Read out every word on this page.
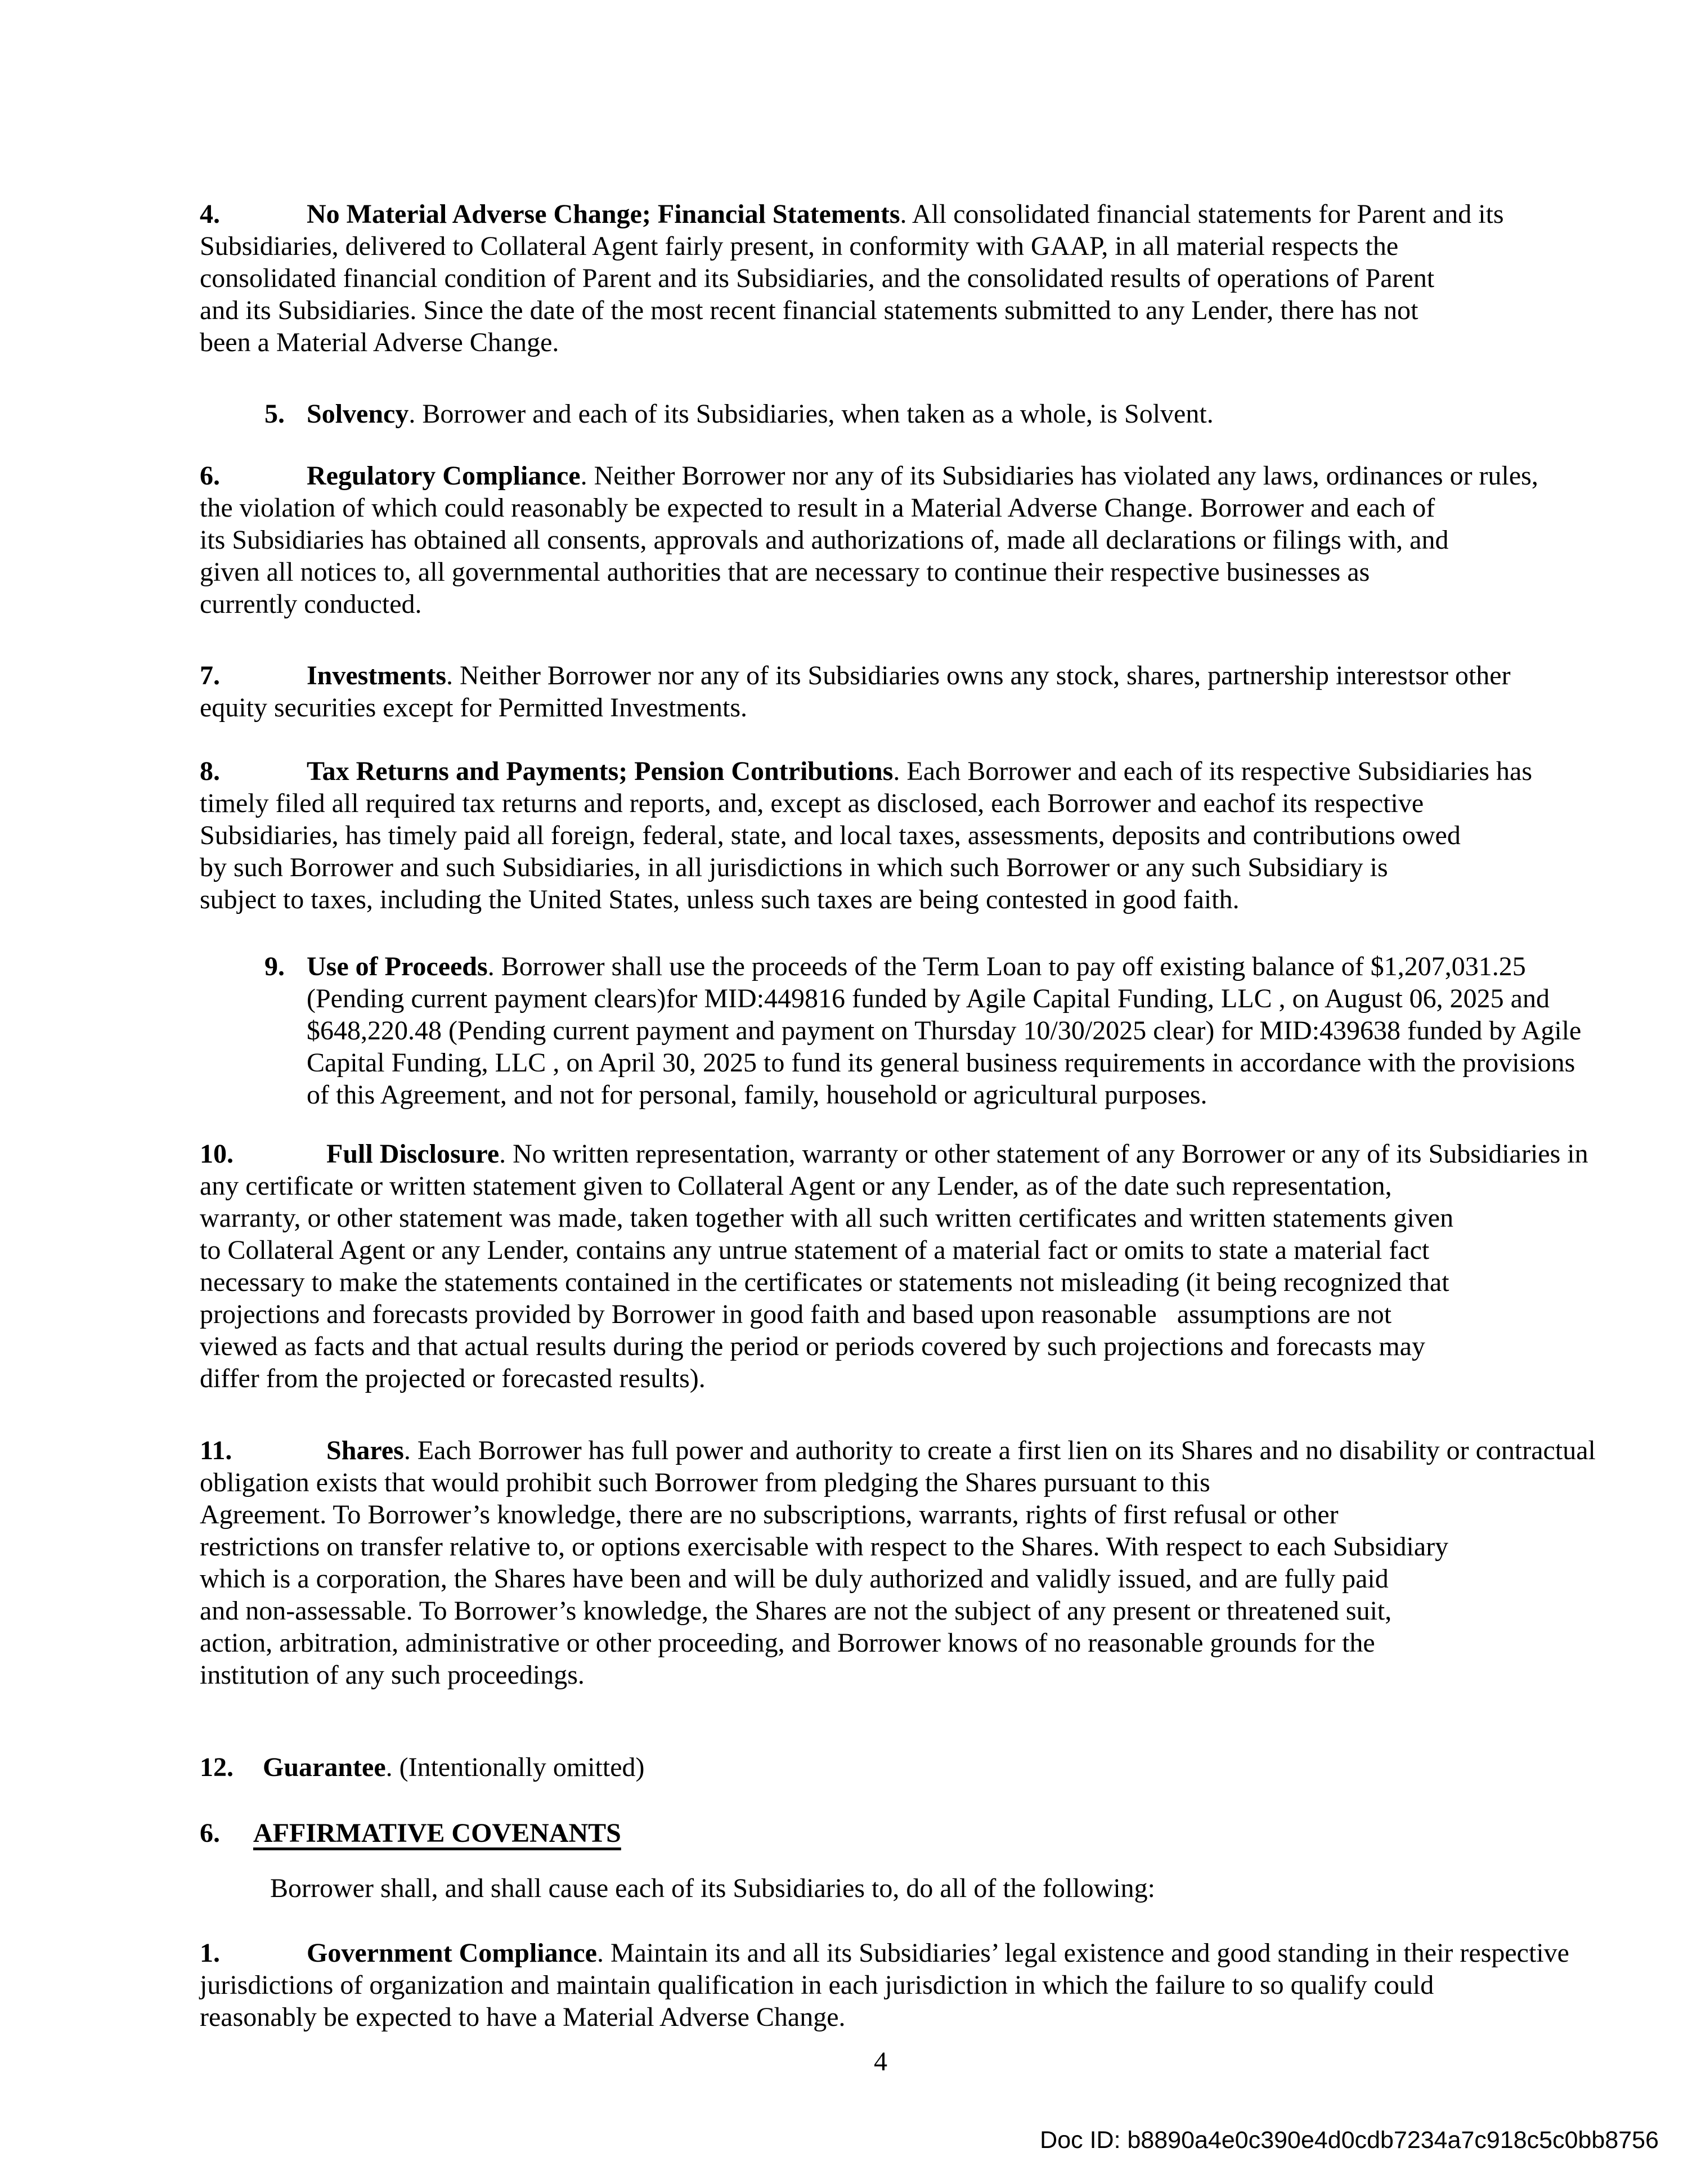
4.	No Material Adverse Change; Financial Statements. All consolidated financial statements for Parent and its
Subsidiaries, delivered to Collateral Agent fairly present, in conformity with GAAP, in all material respects the
consolidated financial condition of Parent and its Subsidiaries, and the consolidated results of operations of Parent
and its Subsidiaries. Since the date of the most recent financial statements submitted to any Lender, there has not
been a Material Adverse Change.
5. Solvency. Borrower and each of its Subsidiaries, when taken as a whole, is Solvent.
6.	Regulatory Compliance. Neither Borrower nor any of its Subsidiaries has violated any laws, ordinances or rules,
the violation of which could reasonably be expected to result in a Material Adverse Change. Borrower and each of
its Subsidiaries has obtained all consents, approvals and authorizations of, made all declarations or filings with, and
given all notices to, all governmental authorities that are necessary to continue their respective businesses as
currently conducted.
7.	Investments. Neither Borrower nor any of its Subsidiaries owns any stock, shares, partnership interestsor other
equity securities except for Permitted Investments.
8.	Tax Returns and Payments; Pension Contributions. Each Borrower and each of its respective Subsidiaries has
timely filed all required tax returns and reports, and, except as disclosed, each Borrower and eachof its respective
Subsidiaries, has timely paid all foreign, federal, state, and local taxes, assessments, deposits and contributions owed
by such Borrower and such Subsidiaries, in all jurisdictions in which such Borrower or any such Subsidiary is
subject to taxes, including the United States, unless such taxes are being contested in good faith.
9. Use of Proceeds. Borrower shall use the proceeds of the Term Loan to pay off existing balance of $1,207,031.25
(Pending current payment clears)for MID:449816 funded by Agile Capital Funding, LLC , on August 06, 2025 and
$648,220.48 (Pending current payment and payment on Thursday 10/30/2025 clear) for MID:439638 funded by Agile
Capital Funding, LLC , on April 30, 2025 to fund its general business requirements in accordance with the provisions
of this Agreement, and not for personal, family, household or agricultural purposes.
10.	Full Disclosure. No written representation, warranty or other statement of any Borrower or any of its Subsidiaries in
any certificate or written statement given to Collateral Agent or any Lender, as of the date such representation,
warranty, or other statement was made, taken together with all such written certificates and written statements given
to Collateral Agent or any Lender, contains any untrue statement of a material fact or omits to state a material fact
necessary to make the statements contained in the certificates or statements not misleading (it being recognized that
projections and forecasts provided by Borrower in good faith and based upon reasonable   assumptions are not
viewed as facts and that actual results during the period or periods covered by such projections and forecasts may
differ from the projected or forecasted results).
11.	Shares. Each Borrower has full power and authority to create a first lien on its Shares and no disability or contractual
obligation exists that would prohibit such Borrower from pledging the Shares pursuant to this
Agreement. To Borrower’s knowledge, there are no subscriptions, warrants, rights of first refusal or other
restrictions on transfer relative to, or options exercisable with respect to the Shares. With respect to each Subsidiary
which is a corporation, the Shares have been and will be duly authorized and validly issued, and are fully paid
and non-assessable. To Borrower’s knowledge, the Shares are not the subject of any present or threatened suit,
action, arbitration, administrative or other proceeding, and Borrower knows of no reasonable grounds for the
institution of any such proceedings.
12. Guarantee. (Intentionally omitted)
6. AFFIRMATIVE COVENANTS
Borrower shall, and shall cause each of its Subsidiaries to, do all of the following:
1.	Government Compliance. Maintain its and all its Subsidiaries’ legal existence and good standing in their respective
jurisdictions of organization and maintain qualification in each jurisdiction in which the failure to so qualify could
reasonably be expected to have a Material Adverse Change.
4
Doc ID: b8890a4e0c390e4d0cdb7234a7c918c5c0bb8756
